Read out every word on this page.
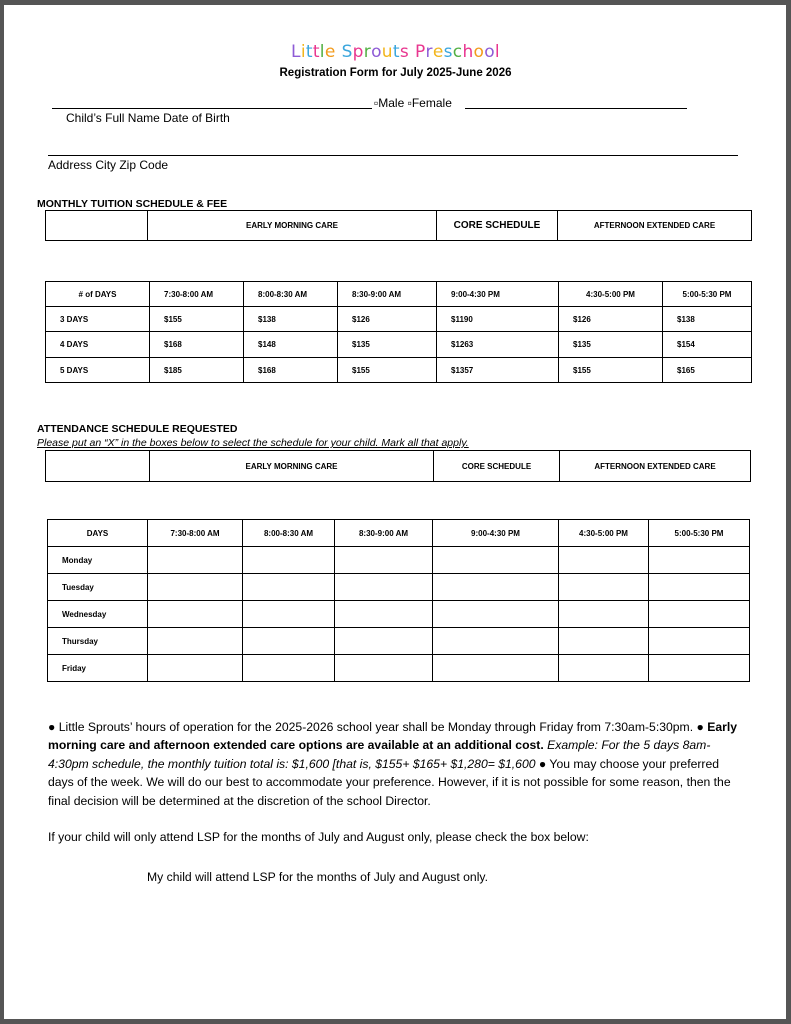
Little Sprouts Preschool
Registration Form for July 2025-June 2026
▫Male ▫Female
Child’s Full Name Date of Birth
Address City Zip Code
MONTHLY TUITION SCHEDULE & FEE
	EARLY MORNING CARE	CORE SCHEDULE	AFTERNOON EXTENDED CARE
# of DAYS	7:30-8:00 AM	8:00-8:30 AM	8:30-9:00 AM	9:00-4:30 PM	4:30-5:00 PM	5:00-5:30 PM
3 DAYS	$155	$138	$126	$1190	$126	$138
4 DAYS	$168	$148	$135	$1263	$135	$154
5 DAYS	$185	$168	$155	$1357	$155	$165
ATTENDANCE SCHEDULE REQUESTED
Please put an “X” in the boxes below to select the schedule for your child. Mark all that apply.
	EARLY MORNING CARE	CORE SCHEDULE	AFTERNOON EXTENDED CARE
DAYS	7:30-8:00 AM	8:00-8:30 AM	8:30-9:00 AM	9:00-4:30 PM	4:30-5:00 PM	5:00-5:30 PM
Monday						
Tuesday						
Wednesday						
Thursday						
Friday						
● Little Sprouts’ hours of operation for the 2025-2026 school year shall be Monday through Friday from 7:30am-5:30pm. ● Early morning care and afternoon extended care options are available at an additional cost. Example: For the 5 days 8am-4:30pm schedule, the monthly tuition total is: $1,600 [that is, $155+ $165+ $1,280= $1,600 ● You may choose your preferred days of the week. We will do our best to accommodate your preference. However, if it is not possible for some reason, then the final decision will be determined at the discretion of the school Director.
If your child will only attend LSP for the months of July and August only, please check the box below:
My child will attend LSP for the months of July and August only.
